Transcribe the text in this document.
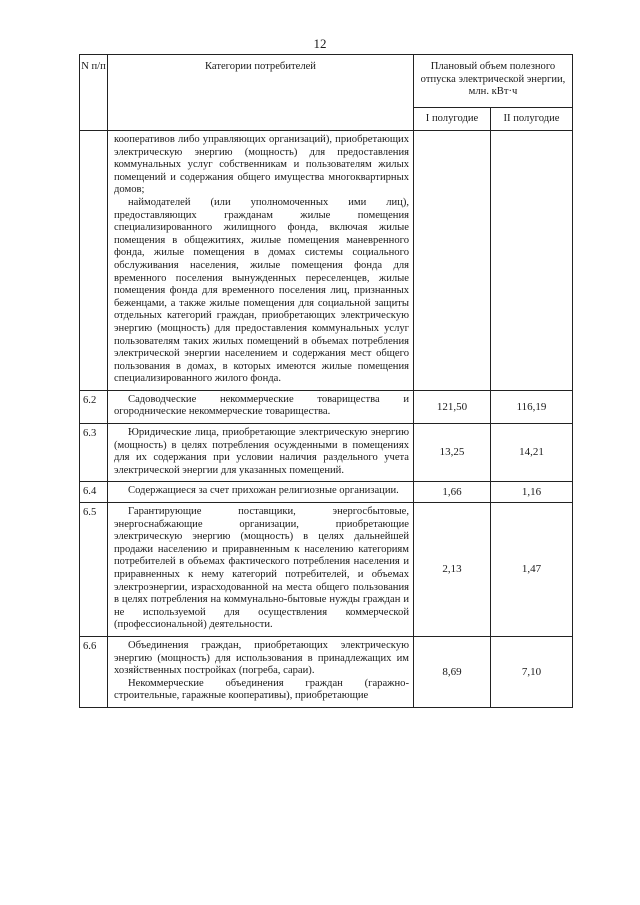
12
N п/п	Категории потребителей	Плановый объем полезного отпуска электрической энергии, млн. кВт·ч	
		I полугодие	II полугодие

	кооперативов либо управляющих организаций), приобретающих электрическую энергию (мощность) для предоставления коммунальных услуг собственникам и пользователям жилых помещений и содержания общего имущества многоквартирных домов;

наймодателей (или уполномоченных ими лиц), предоставляющих гражданам жилые помещения специализированного жилищного фонда, включая жилые помещения в общежитиях, жилые помещения маневренного фонда, жилые помещения в домах системы социального обслуживания населения, жилые помещения фонда для временного поселения вынужденных переселенцев, жилые помещения фонда для временного поселения лиц, признанных беженцами, а также жилые помещения для социальной защиты отдельных категорий граждан, приобретающих электрическую энергию (мощность) для предоставления коммунальных услуг пользователям таких жилых помещений в объемах потребления электрической энергии населением и содержания мест общего пользования в домах, в которых имеются жилые помещения специализированного жилого фонда.		

6.2	Садоводческие некоммерческие товарищества и огороднические некоммерческие товарищества.	121,50	116,19
6.3	Юридические лица, приобретающие электрическую энергию (мощность) в целях потребления осужденными в помещениях для их содержания при условии наличия раздельного учета электрической энергии для указанных помещений.	13,25	14,21
6.4	Содержащиеся за счет прихожан религиозные организации.	1,66	1,16
6.5	Гарантирующие поставщики, энергосбытовые, энергоснабжающие организации, приобретающие электрическую энергию (мощность) в целях дальнейшей продажи населению и приравненным к населению категориям потребителей в объемах фактического потребления населения и приравненных к нему категорий потребителей, и объемах электроэнергии, израсходованной на места общего пользования в целях потребления на коммунально-бытовые нужды граждан и не используемой для осуществления коммерческой (профессиональной) деятельности.	2,13	1,47
6.6	Объединения граждан, приобретающих электрическую энергию (мощность) для использования в принадлежащих им хозяйственных постройках (погреба, сараи).

Некоммерческие объединения граждан (гаражно-строительные, гаражные кооперативы), приобретающие	8,69	7,10
